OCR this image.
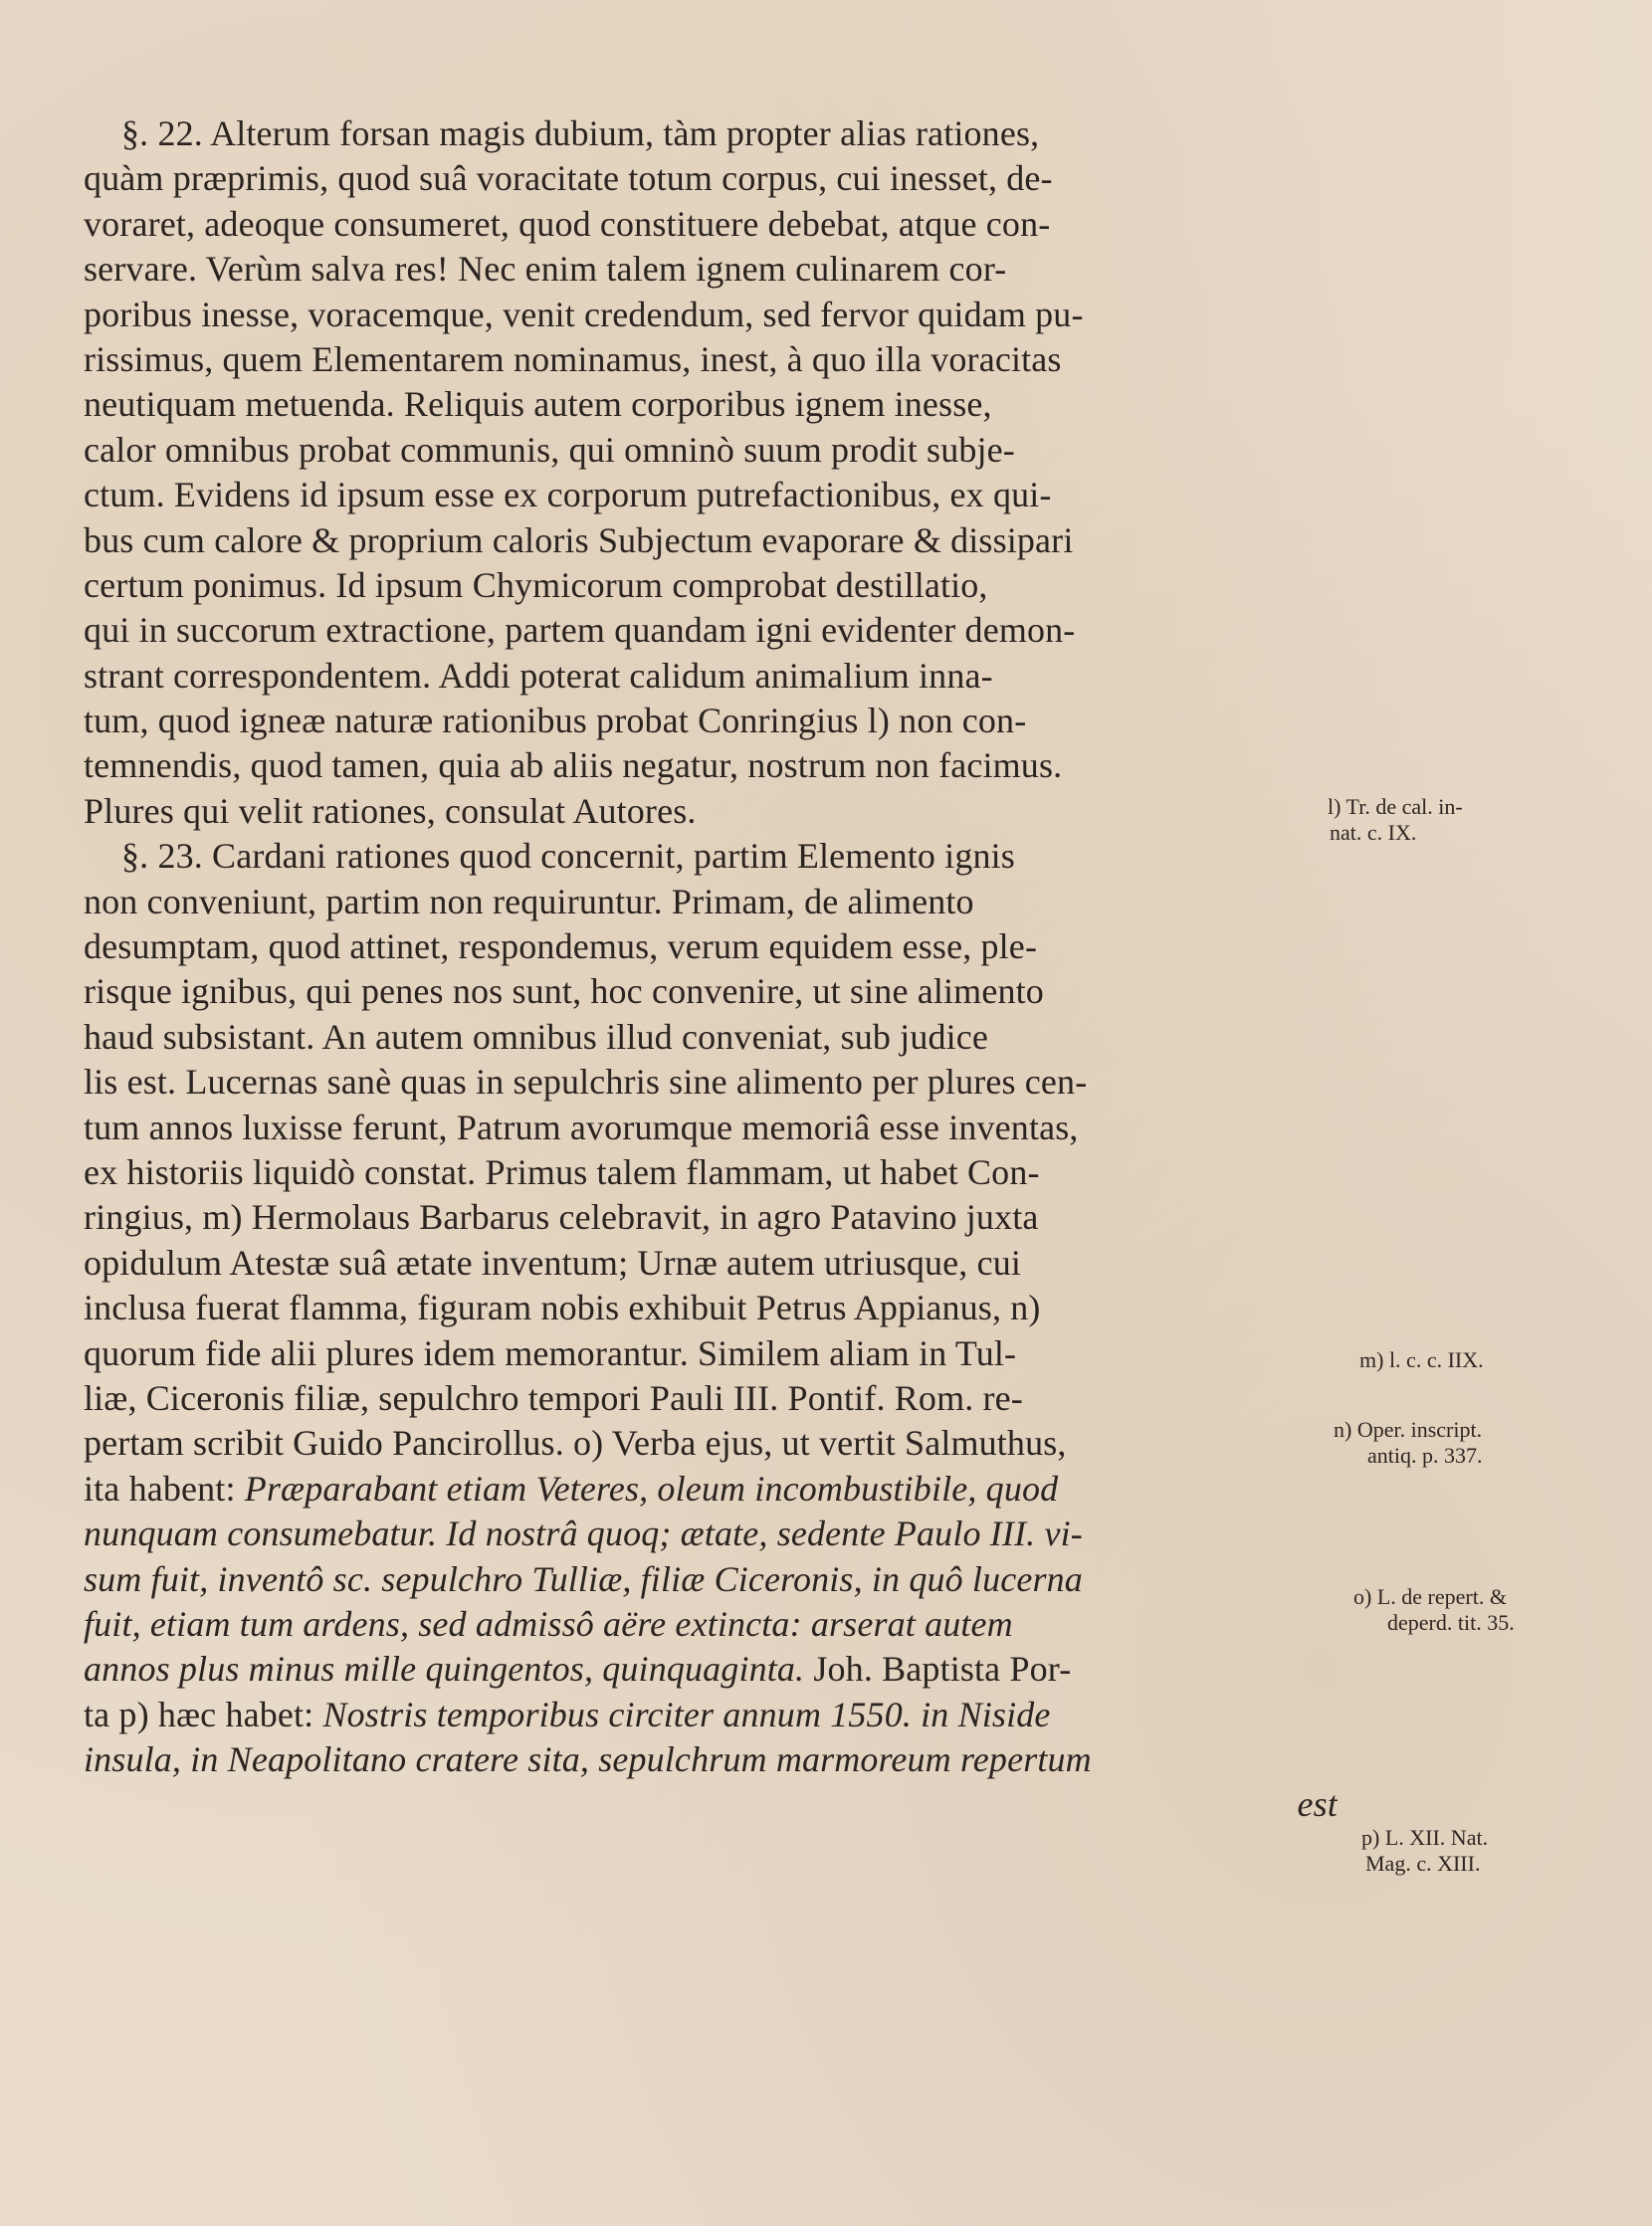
§. 22. Alterum forsan magis dubium, tàm propter alias rationes,
quàm præprimis, quod suâ voracitate totum corpus, cui inesset, de-
voraret, adeoque consumeret, quod constituere debebat, atque con-
servare. Verùm salva res! Nec enim talem ignem culinarem cor-
poribus inesse, voracemque, venit credendum, sed fervor quidam pu-
rissimus, quem Elementarem nominamus, inest, à quo illa voracitas
neutiquam metuenda. Reliquis autem corporibus ignem inesse,
calor omnibus probat communis, qui omninò suum prodit subje-
ctum. Evidens id ipsum esse ex corporum putrefactionibus, ex qui-
bus cum calore & proprium caloris Subjectum evaporare & dissipari
certum ponimus. Id ipsum Chymicorum comprobat destillatio,
qui in succorum extractione, partem quandam igni evidenter demon-
strant correspondentem. Addi poterat calidum animalium inna-
tum, quod igneæ naturæ rationibus probat Conringius l) non con-
temnendis, quod tamen, quia ab aliis negatur, nostrum non facimus.
Plures qui velit rationes, consulat Autores.
§. 23. Cardani rationes quod concernit, partim Elemento ignis
non conveniunt, partim non requiruntur. Primam, de alimento
desumptam, quod attinet, respondemus, verum equidem esse, ple-
risque ignibus, qui penes nos sunt, hoc convenire, ut sine alimento
haud subsistant. An autem omnibus illud conveniat, sub judice
lis est. Lucernas sanè quas in sepulchris sine alimento per plures cen-
tum annos luxisse ferunt, Patrum avorumque memoriâ esse inventas,
ex historiis liquidò constat. Primus talem flammam, ut habet Con-
ringius, m) Hermolaus Barbarus celebravit, in agro Patavino juxta
opidulum Atestæ suâ ætate inventum; Urnæ autem utriusque, cui
inclusa fuerat flamma, figuram nobis exhibuit Petrus Appianus, n)
quorum fide alii plures idem memorantur. Similem aliam in Tul-
liæ, Ciceronis filiæ, sepulchro tempori Pauli III. Pontif. Rom. re-
pertam scribit Guido Pancirollus. o) Verba ejus, ut vertit Salmuthus,
ita habent: Præparabant etiam Veteres, oleum incombustibile, quod
nunquam consumebatur. Id nostrâ quoq; ætate, sedente Paulo III. vi-
sum fuit, inventô sc. sepulchro Tulliæ, filiæ Ciceronis, in quô lucerna
fuit, etiam tum ardens, sed admissô aëre extincta: arserat autem
annos plus minus mille quingentos, quinquaginta. Joh. Baptista Por-
ta p) hæc habet: Nostris temporibus circiter annum 1550. in Niside
insula, in Neapolitano cratere sita, sepulchrum marmoreum repertum
est
l) Tr. de cal. in-
nat. c. IX.
m) l. c. c. IIX.
n) Oper. inscript.
antiq. p. 337.
o) L. de repert. &
deperd. tit. 35.
p) L. XII. Nat.
Mag. c. XIII.
